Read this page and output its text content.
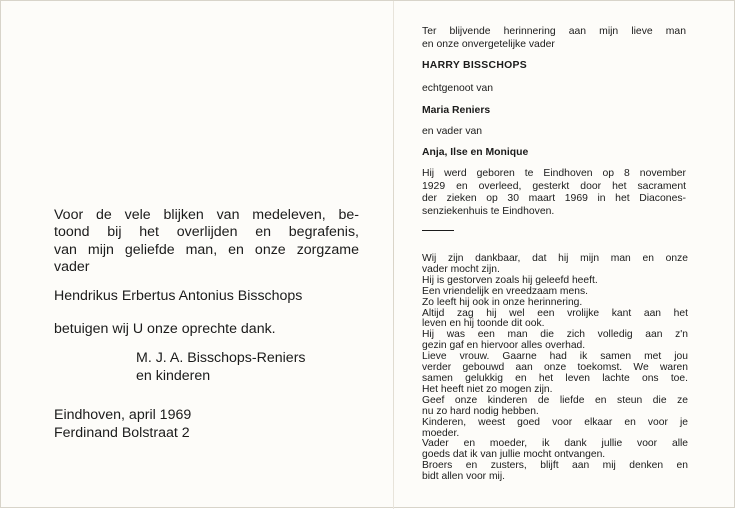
Voor de vele blijken van medeleven, be-

toond bij het overlijden en begrafenis,

van mijn geliefde man, en onze zorgzame

vader

Hendrikus Erbertus Antonius Bisschops

betuigen wij U onze oprechte dank.

M. J. A. Bisschops-Reniers

en kinderen

Eindhoven, april 1969

Ferdinand Bolstraat 2

Ter blijvende herinnering aan mijn lieve man

en onze onvergetelijke vader

HARRY BISSCHOPS

echtgenoot van

Maria Reniers

en vader van

Anja, Ilse en Monique

Hij werd geboren te Eindhoven op 8 november
1929 en overleed, gesterkt door het sacrament
der zieken op 30 maart 1969 in het Diacones-
senziekenhuis te Eindhoven.
Wij zijn dankbaar, dat hij mijn man en onze
vader mocht zijn.
Hij is gestorven zoals hij geleefd heeft.
Een vriendelijk en vreedzaam mens.
Zo leeft hij ook in onze herinnering.
Altijd zag hij wel een vrolijke kant aan het
leven en hij toonde dit ook.
Hij was een man die zich volledig aan z'n
gezin gaf en hiervoor alles overhad.
Lieve vrouw. Gaarne had ik samen met jou
verder gebouwd aan onze toekomst. We waren
samen gelukkig en het leven lachte ons toe.
Het heeft niet zo mogen zijn.
Geef onze kinderen de liefde en steun die ze
nu zo hard nodig hebben.
Kinderen, weest goed voor elkaar en voor je
moeder.
Vader en moeder, ik dank jullie voor alle
goeds dat ik van jullie mocht ontvangen.
Broers en zusters, blijft aan mij denken en
bidt allen voor mij.
